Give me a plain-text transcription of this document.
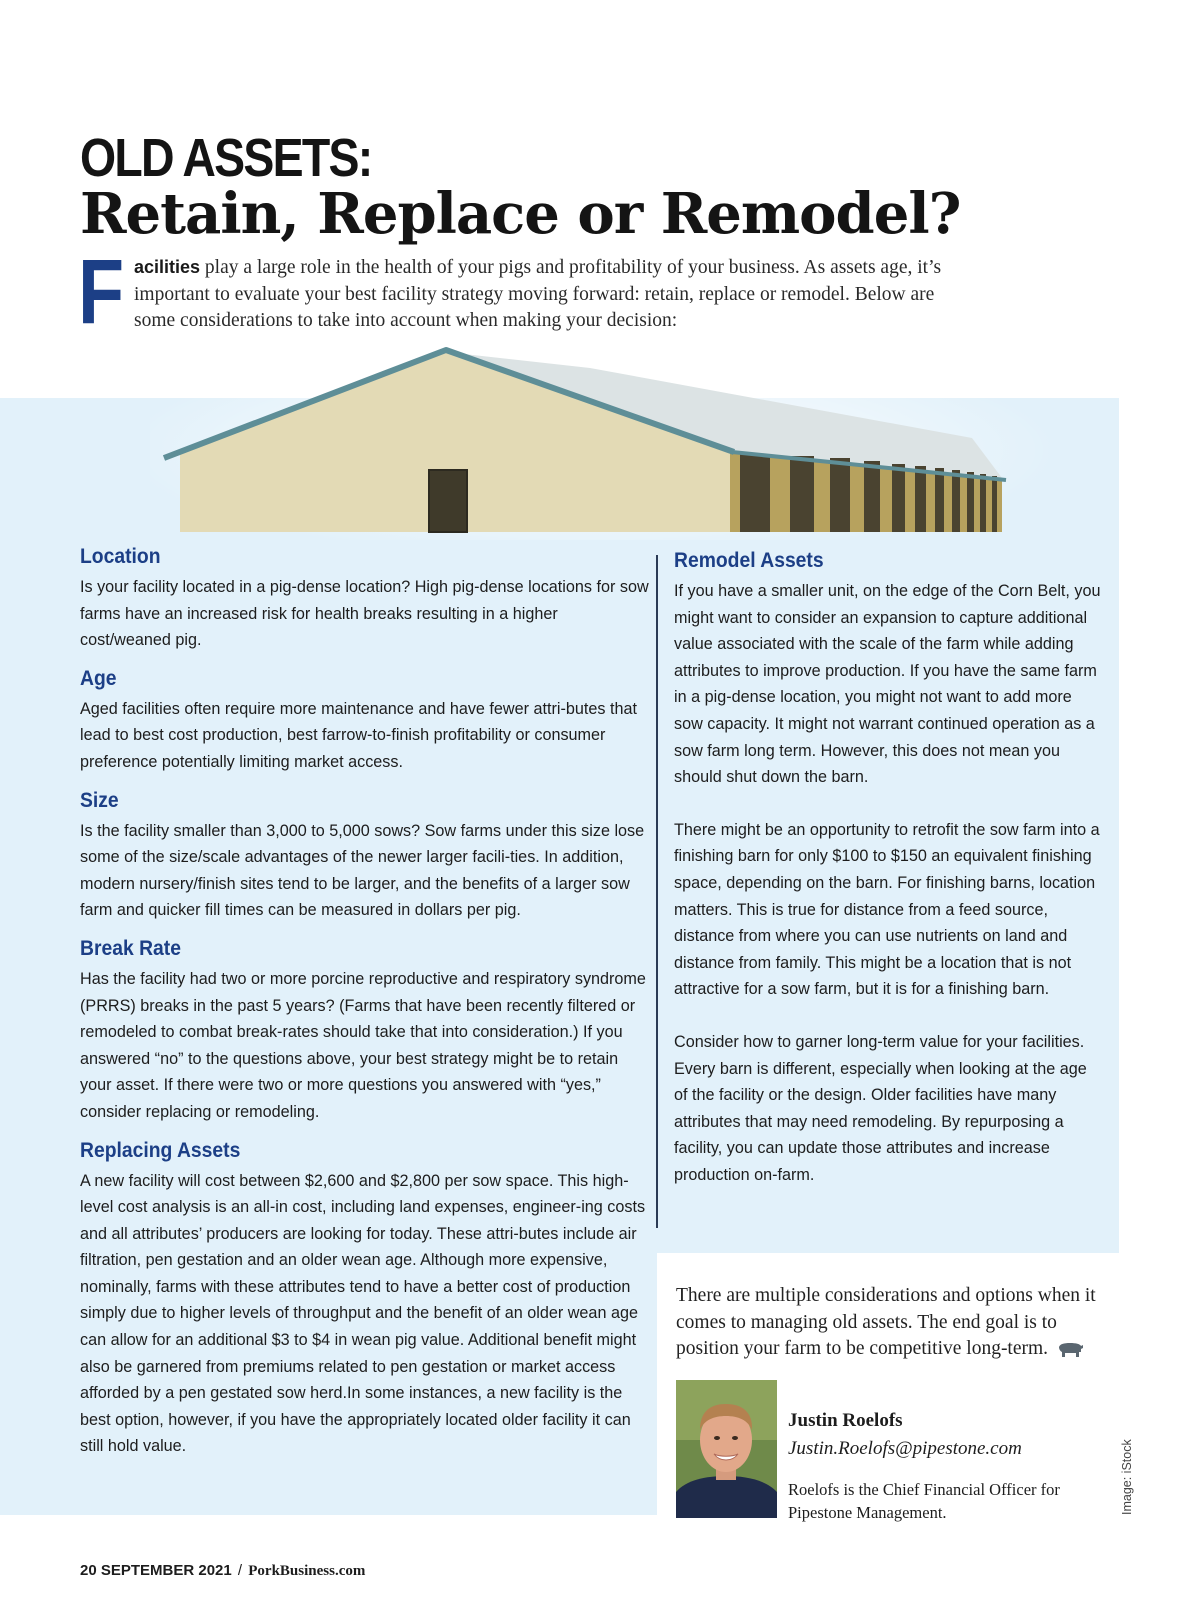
OLD ASSETS:
Retain, Replace or Remodel?
F acilities play a large role in the health of your pigs and profitability of your business. As assets age, it’s important to evaluate your best facility strategy moving forward: retain, replace or remodel. Below are some considerations to take into account when making your decision:

Location

Is your facility located in a pig-dense location? High pig-dense locations for sow farms have an increased risk for health breaks resulting in a higher cost/weaned pig.

Age

Aged facilities often require more maintenance and have fewer attri-butes that lead to best cost production, best farrow-to-finish profitability or consumer preference potentially limiting market access.

Size

Is the facility smaller than 3,000 to 5,000 sows? Sow farms under this size lose some of the size/scale advantages of the newer larger facili-ties. In addition, modern nursery/finish sites tend to be larger, and the benefits of a larger sow farm and quicker fill times can be measured in dollars per pig.

Break Rate

Has the facility had two or more porcine reproductive and respiratory syndrome (PRRS) breaks in the past 5 years? (Farms that have been recently filtered or remodeled to combat break-rates should take that into consideration.) If you answered “no” to the questions above, your best strategy might be to retain your asset. If there were two or more questions you answered with “yes,” consider replacing or remodeling.

Replacing Assets

A new facility will cost between $2,600 and $2,800 per sow space. This high-level cost analysis is an all-in cost, including land expenses, engineer-ing costs and all attributes’ producers are looking for today. These attri-butes include air filtration, pen gestation and an older wean age. Although more expensive, nominally, farms with these attributes tend to have a better cost of production simply due to higher levels of throughput and the benefit of an older wean age can allow for an additional $3 to $4 in wean pig value. Additional benefit might also be garnered from premiums related to pen gestation or market access afforded by a pen gestated sow herd.In some instances, a new facility is the best option, however, if you have the appropriately located older facility it can still hold value.

Remodel Assets

If you have a smaller unit, on the edge of the Corn Belt, you might want to consider an expansion to capture additional value associated with the scale of the farm while adding attributes to improve production. If you have the same farm in a pig-dense location, you might not want to add more sow capacity. It might not warrant continued operation as a sow farm long term. However, this does not mean you should shut down the barn.

There might be an opportunity to retrofit the sow farm into a finishing barn for only $100 to $150 an equivalent finishing space, depending on the barn. For finishing barns, location matters. This is true for distance from a feed source, distance from where you can use nutrients on land and distance from family. This might be a location that is not attractive for a sow farm, but it is for a finishing barn.

Consider how to garner long-term value for your facilities. Every barn is different, especially when looking at the age of the facility or the design. Older facilities have many attributes that may need remodeling. By repurposing a facility, you can update those attributes and increase production on-farm.

There are multiple considerations and options when it comes to managing old assets. The end goal is to position your farm to be competitive long-term.

Justin Roelofs
Justin.Roelofs@pipestone.com

Roelofs is the Chief Financial Officer for Pipestone Management.	Image: iStock
20 SEPTEMBER 2021 / PorkBusiness.com
